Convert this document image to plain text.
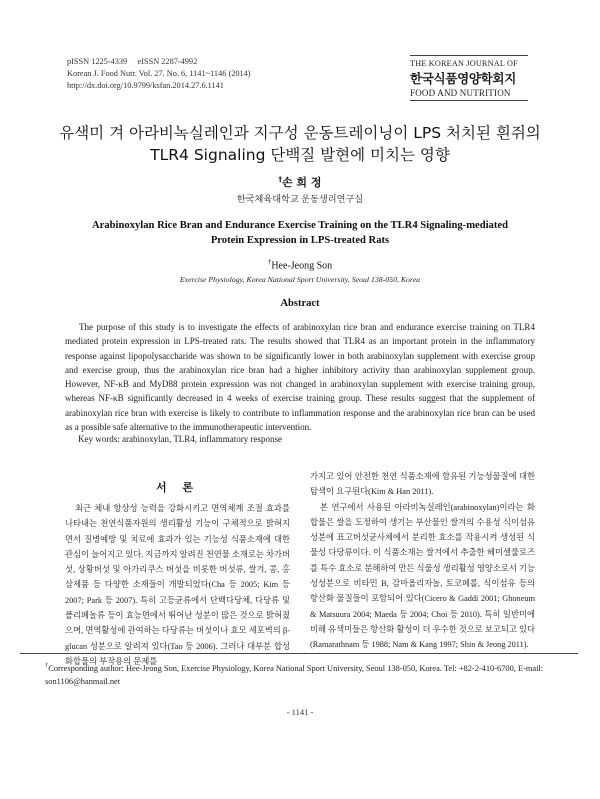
pISSN 1225-4339     eISSN 2287-4992
Korean J. Food Nutr. Vol. 27. No. 6, 1141~1146 (2014)
http://dx.doi.org/10.9799/ksfan.2014.27.6.1141
THE KOREAN JOURNAL OF
한국식품영양학회지
FOOD AND NUTRITION
유색미 겨 아라비녹실레인과 지구성 운동트레이닝이 LPS 처치된 흰쥐의
TLR4 Signaling 단백질 발현에 미치는 영향
†손 희 정
한국체육대학교 운동생리연구실
Arabinoxylan Rice Bran and Endurance Exercise Training on the TLR4 Signaling-mediated
Protein Expression in LPS-treated Rats
†Hee-Jeong Son
Exercise Physiology, Korea National Sport University, Seoul 138-050, Korea
Abstract

The purpose of this study is to investigate the effects of arabinoxylan rice bran and endurance exercise training on TLR4 mediated protein expression in LPS-treated rats. The results showed that TLR4 as an important protein in the inflammatory response against lipopolysaccharide was shown to be significantly lower in both arabinoxylan supplement with exercise group and exercise group, thus the arabinoxylan rice bran had a higher inhibitory activity than arabinoxylan supplement group. However, NF-κB and MyD88 protein expression was not changed in arabinoxylan supplement with exercise training group, whereas NF-κB significantly decreased in 4 weeks of exercise training group. These results suggest that the supplement of arabinoxylan rice bran with exercise is likely to contribute to inflammation response and the arabinoxylan rice bran can be used as a possible safe alternative to the immunotherapeutic intervention.

Key words: arabinoxylan, TLR4, inflammatory response
서 론

최근 체내 항상성 능력을 강화시키고 면역체계 조절 효과를 나타내는 천연식품자원의 생리활성 기능이 구체적으로 밝혀지면서 질병예방 및 치료에 효과가 있는 기능성 식품소재에 대한 관심이 늘어지고 있다. 지금까지 알려진 천연물 소재로는 차가버섯, 상황버섯 및 아가리쿠스 버섯을 비롯한 버섯류, 쌀겨, 콩, 홍삼제품 등 다양한 소재들이 개발되었다(Cha 등 2005; Kim 등 2007; Park 등 2007). 특히 고등균류에서 단백다당체, 다당류 및 폴리페놀류 등이 효능면에서 뛰어난 성분이 많은 것으로 밝혀졌으며, 면역활성에 관여하는 다당류는 버섯이나 효모 세포벽의 β-glucan 성분으로 알려져 있다(Tao 등 2006). 그러나 대부분 합성화합물의 부작용의 문제를

가지고 있어 안전한 천연 식품소재에 함유된 기능성물질에 대한 탐색이 요구된다(Kim & Han 2011).

본 연구에서 사용된 아라비녹실레인(arabinoxylan)이라는 화합물은 쌀을 도정하여 생기는 부산물인 쌀겨의 수용성 식이섬유 성분에 표고버섯균사체에서 분리한 효소를 작용시켜 생성된 식물성 다당류이다. 이 식품소재는 쌀겨에서 추출한 헤미셀룰로즈를 특수 효소로 분해하여 만든 식물성 생리활성 영양소로서 기능성성분으로 비타민 B, 감마올리자놀, 토코페롤, 식이섬유 등의 항산화 물질들이 포함되어 있다(Cicero & Gaddi 2001; Ghoneum & Matsuura 2004; Maeda 등 2004; Choi 등 2010). 특히 일반미에 비해 유색미들은 항산화 활성이 더 우수한 것으로 보고되고 있다(Ramarathnam 등 1988; Nam & Kang 1997; Shin & Jeong 2011).

†Corresponding author: Hee-Jeong Son, Exercise Physiology, Korea National Sport University, Seoul 138-050, Korea. Tel: +82-2-410-6700, E-mail: son1106@hanmail.net
- 1141 -
